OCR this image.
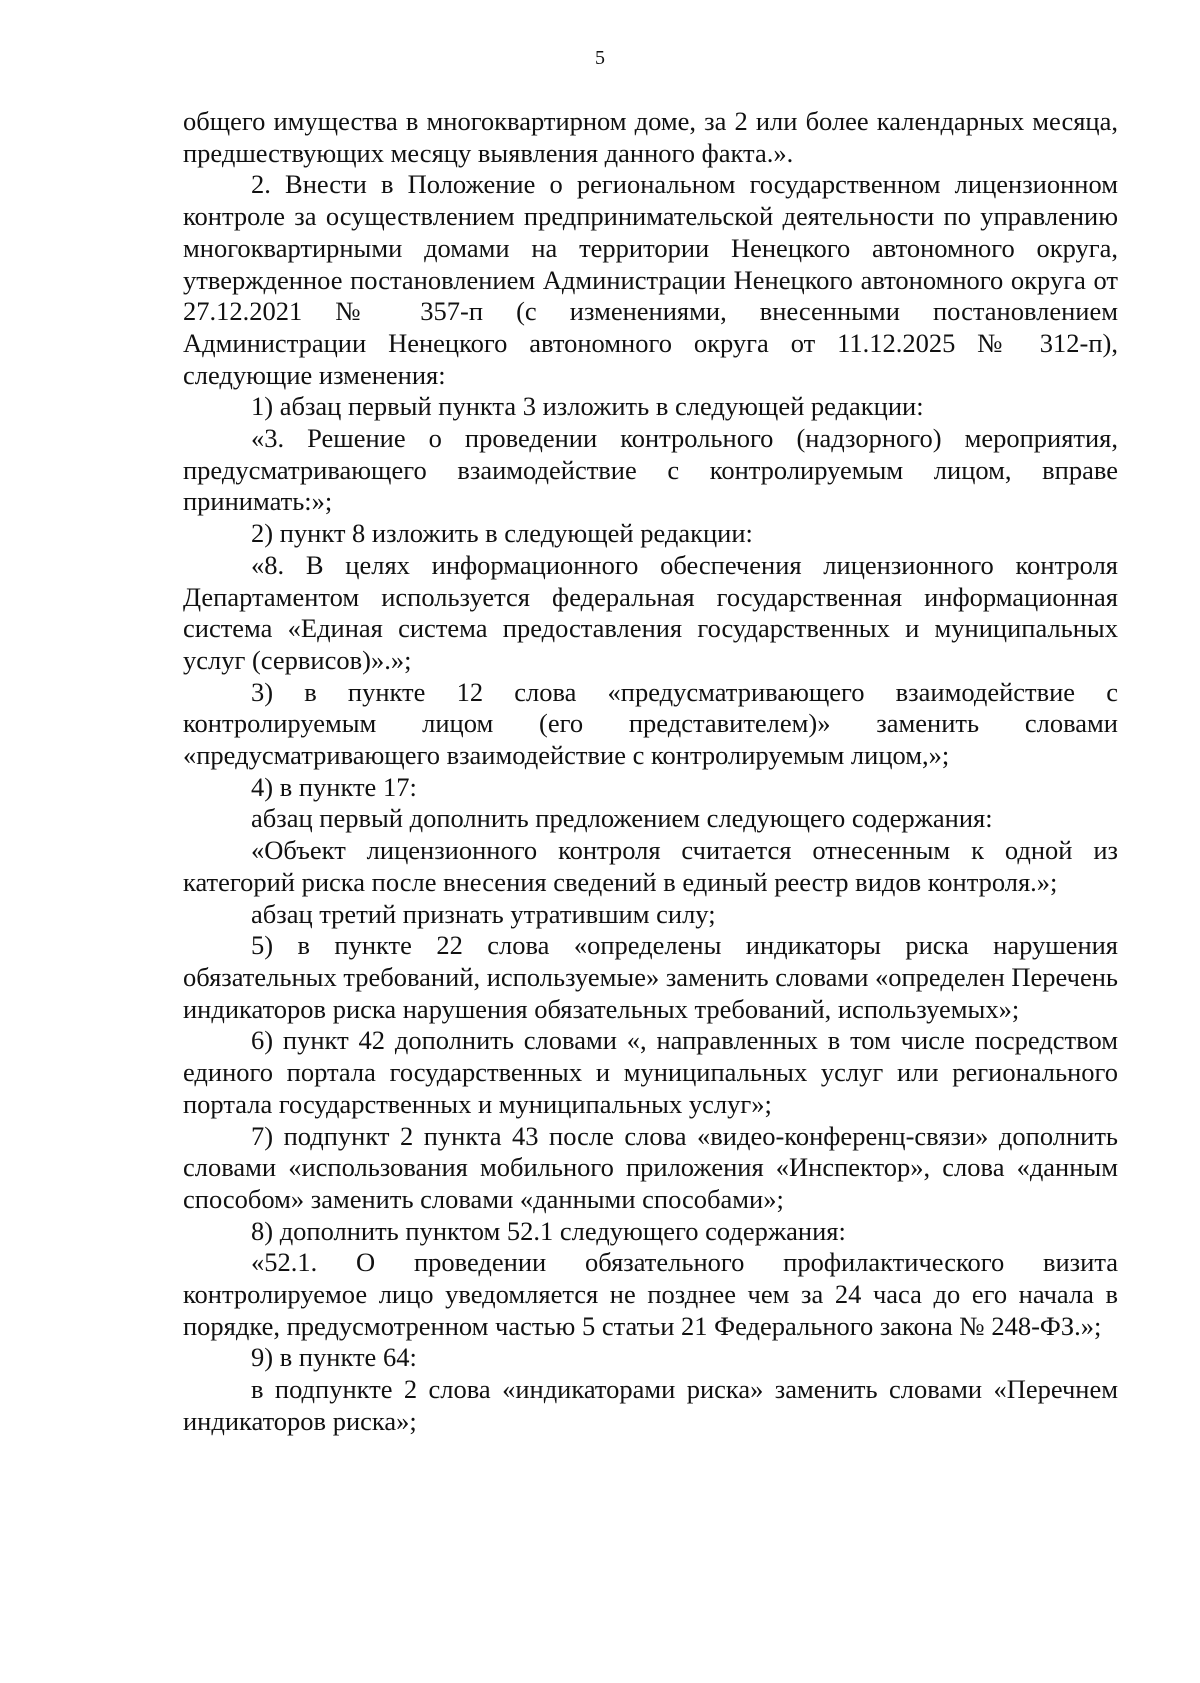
5

общего имущества в многоквартирном доме, за 2 или более календарных месяца, предшествующих месяцу выявления данного факта.».

2. Внести в Положение о региональном государственном лицензионном контроле за осуществлением предпринимательской деятельности по управлению многоквартирными домами на территории Ненецкого автономного округа, утвержденное постановлением Администрации Ненецкого автономного округа от 27.12.2021 № 357-п (с изменениями, внесенными постановлением Администрации Ненецкого автономного округа от 11.12.2025 № 312-п), следующие изменения:

1) абзац первый пункта 3 изложить в следующей редакции:

«3. Решение о проведении контрольного (надзорного) мероприятия, предусматривающего взаимодействие с контролируемым лицом, вправе принимать:»;

2) пункт 8 изложить в следующей редакции:

«8. В целях информационного обеспечения лицензионного контроля Департаментом используется федеральная государственная информационная система «Единая система предоставления государственных и муниципальных услуг (сервисов)».»;

3) в пункте 12 слова «предусматривающего взаимодействие с контролируемым лицом (его представителем)» заменить словами «предусматривающего взаимодействие с контролируемым лицом,»;

4) в пункте 17:

абзац первый дополнить предложением следующего содержания:

«Объект лицензионного контроля считается отнесенным к одной из категорий риска после внесения сведений в единый реестр видов контроля.»;

абзац третий признать утратившим силу;

5) в пункте 22 слова «определены индикаторы риска нарушения обязательных требований, используемые» заменить словами «определен Перечень индикаторов риска нарушения обязательных требований, используемых»;

6) пункт 42 дополнить словами «, направленных в том числе посредством единого портала государственных и муниципальных услуг или регионального портала государственных и муниципальных услуг»;

7) подпункт 2 пункта 43 после слова «видео-конференц-связи» дополнить словами «использования мобильного приложения «Инспектор», слова «данным способом» заменить словами «данными способами»;

8) дополнить пунктом 52.1 следующего содержания:

«52.1. О проведении обязательного профилактического визита контролируемое лицо уведомляется не позднее чем за 24 часа до его начала в порядке, предусмотренном частью 5 статьи 21 Федерального закона № 248-ФЗ.»;

9) в пункте 64:

в подпункте 2 слова «индикаторами риска» заменить словами «Перечнем индикаторов риска»;
